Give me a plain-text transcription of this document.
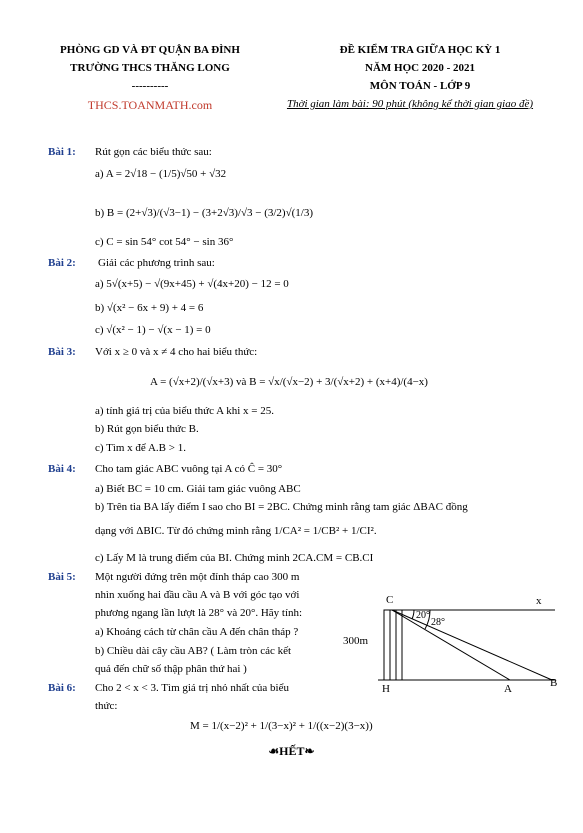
PHÒNG GD VÀ ĐT QUẬN BA ĐÌNH
TRƯỜNG THCS THĂNG LONG
----------
THCS.TOANMATH.com
ĐỀ KIỂM TRA GIỮA HỌC KỲ 1
NĂM HỌC 2020 - 2021
MÔN TOÁN - LỚP 9
Thời gian làm bài: 90 phút (không kể thời gian giao đề)
Bài 1: Rút gọn các biểu thức sau:
a) A = 2√18 − (1/5)√50 + √32
b) B = (2+√3)/(√3−1) − (3+2√3)/√3 − (3/2)√(1/3)
c) C = sin 54° cot 54° − sin 36°
Bài 2: Giải các phương trình sau:
a) 5√(x+5) − √(9x+45) + √(4x+20) − 12 = 0
b) √(x² − 6x + 9) + 4 = 6
c) √(x² − 1) − √(x − 1) = 0
Bài 3: Với x ≥ 0 và x ≠ 4 cho hai biểu thức:
A = (√x+2)/(√x+3) và B = √x/(√x−2) + 3/(√x+2) + (x+4)/(4−x)
a) tính giá trị của biểu thức A khi x = 25.
b) Rút gọn biểu thức B.
c) Tìm x để A.B > 1.
Bài 4: Cho tam giác ABC vuông tại A có Ĉ = 30°
a) Biết BC = 10 cm. Giải tam giác vuông ABC
b) Trên tia BA lấy điểm I sao cho BI = 2BC. Chứng minh rằng tam giác ΔBAC đồng
dạng với ΔBIC. Từ đó chứng minh rằng 1/CA² = 1/CB² + 1/CI².
c) Lấy M là trung điểm của BI. Chứng minh 2CA.CM = CB.CI
Bài 5: Một người đứng trên một đỉnh tháp cao 300 m
nhìn xuống hai đầu cầu A và B với góc tạo với
phương ngang lần lượt là 28° và 20°. Hãy tính:
a) Khoảng cách từ chân cầu A đến chân tháp ?
b) Chiều dài cây cầu AB? ( Làm tròn các kết
quả đến chữ số thập phân thứ hai )
C	x
H	A	B
20°
28°
300m
Bài 6: Cho 2 < x < 3. Tìm giá trị nhỏ nhất của biểu
thức:
M = 1/(x−2)² + 1/(3−x)² + 1/((x−2)(3−x))
☙HẾT❧
